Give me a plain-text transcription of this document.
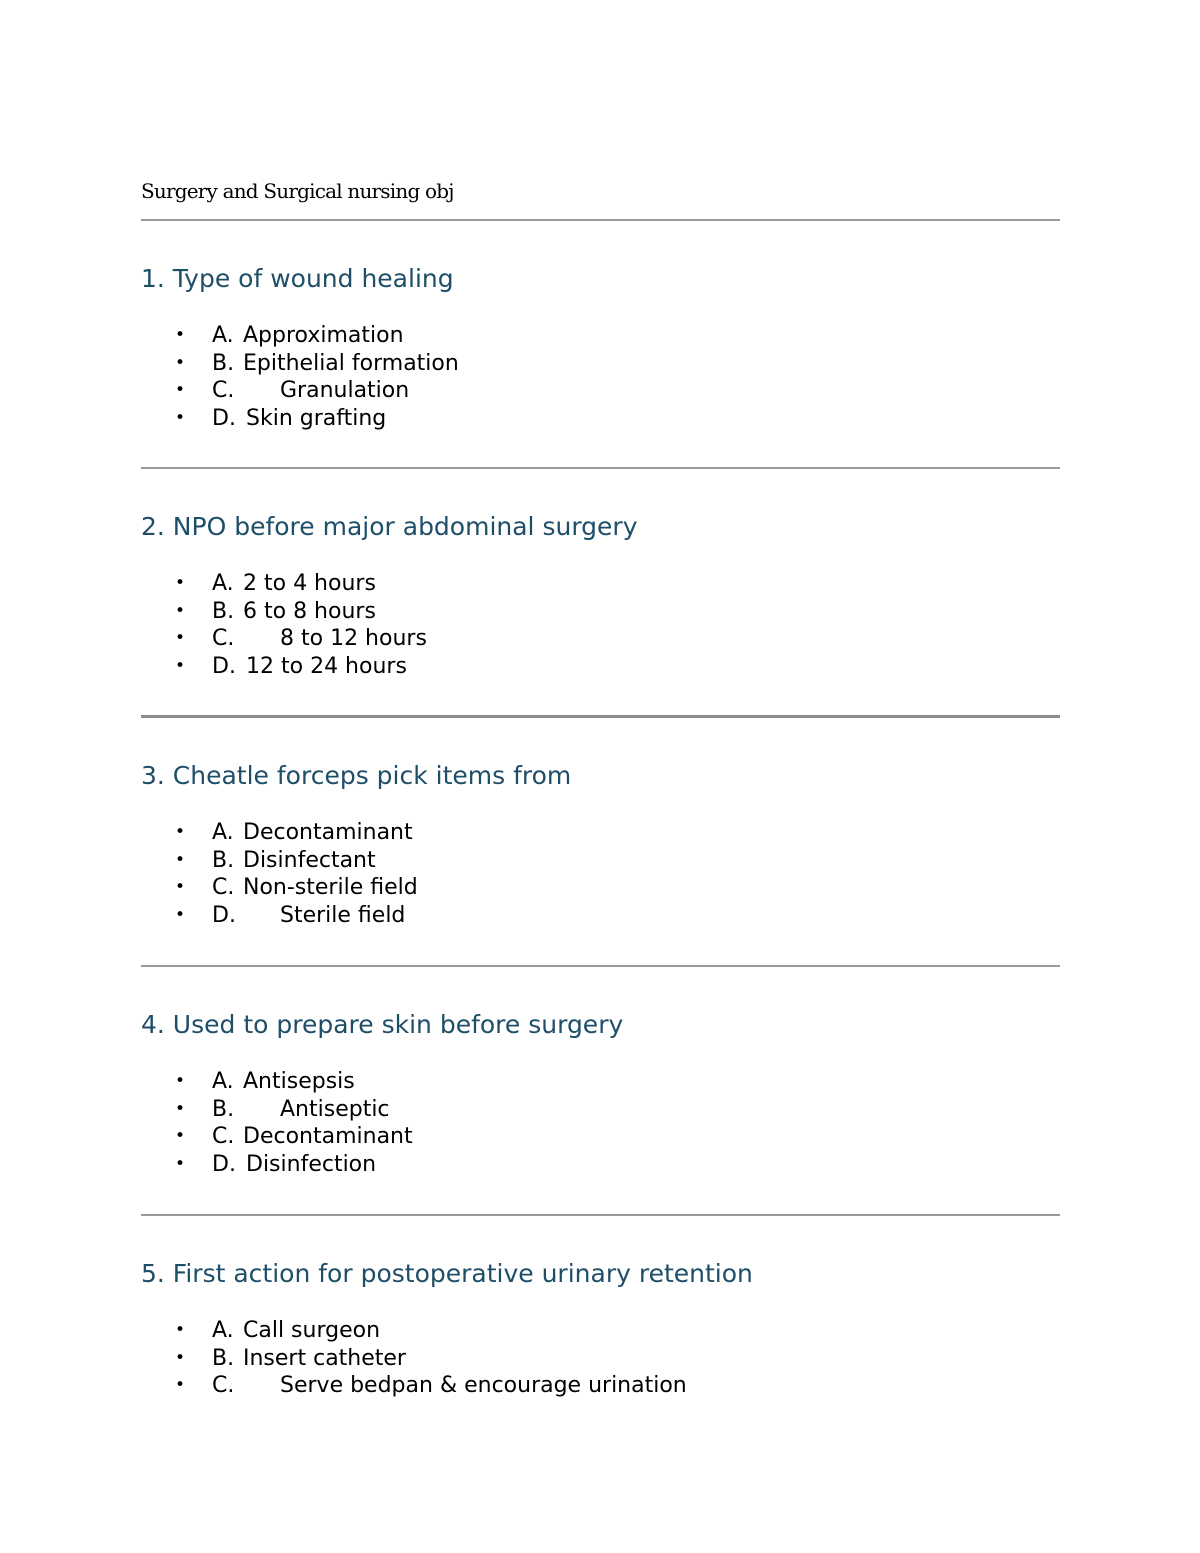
Surgery and Surgical nursing obj
1. Type of wound healing
• A. Approximation
• B. Epithelial formation
• C. Granulation
• D. Skin grafting
2. NPO before major abdominal surgery
• A. 2 to 4 hours
• B. 6 to 8 hours
• C. 8 to 12 hours
• D. 12 to 24 hours
3. Cheatle forceps pick items from
• A. Decontaminant
• B. Disinfectant
• C. Non-sterile field
• D. Sterile field
4. Used to prepare skin before surgery
• A. Antisepsis
• B. Antiseptic
• C. Decontaminant
• D. Disinfection
5. First action for postoperative urinary retention
• A. Call surgeon
• B. Insert catheter
• C. Serve bedpan & encourage urination
